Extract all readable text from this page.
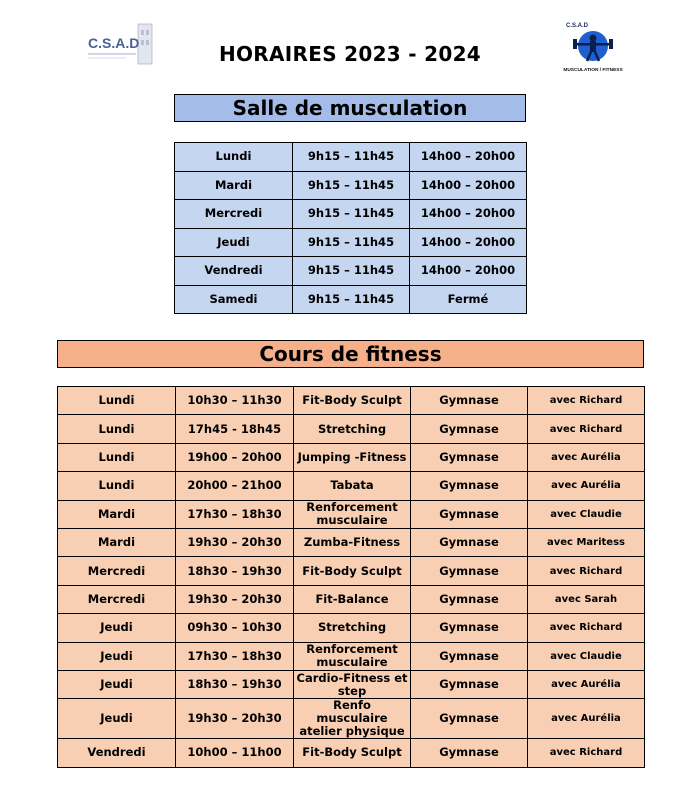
C.S.A.D	HORAIRES 2023 - 2024
C.S.A.D
MUSCULATION / FITNESS
Salle de musculation
Lundi	9h15 – 11h45	14h00 – 20h00
Mardi	9h15 – 11h45	14h00 – 20h00
Mercredi	9h15 – 11h45	14h00 – 20h00
Jeudi	9h15 – 11h45	14h00 – 20h00
Vendredi	9h15 – 11h45	14h00 – 20h00
Samedi	9h15 – 11h45	Fermé
Cours de fitness
Lundi	10h30 – 11h30	Fit-Body Sculpt	Gymnase	avec Richard
Lundi	17h45 - 18h45	Stretching	Gymnase	avec Richard
Lundi	19h00 – 20h00	Jumping -Fitness	Gymnase	avec Aurélia
Lundi	20h00 – 21h00	Tabata	Gymnase	avec Aurélia
Mardi	17h30 – 18h30	Renforcement musculaire	Gymnase	avec Claudie
Mardi	19h30 – 20h30	Zumba-Fitness	Gymnase	avec Maritess
Mercredi	18h30 – 19h30	Fit-Body Sculpt	Gymnase	avec Richard
Mercredi	19h30 – 20h30	Fit-Balance	Gymnase	avec Sarah
Jeudi	09h30 – 10h30	Stretching	Gymnase	avec Richard
Jeudi	17h30 – 18h30	Renforcement musculaire	Gymnase	avec Claudie
Jeudi	18h30 – 19h30	Cardio-Fitness et step	Gymnase	avec Aurélia
Jeudi	19h30 – 20h30	Renfo musculaire atelier physique	Gymnase	avec Aurélia
Vendredi	10h00 – 11h00	Fit-Body Sculpt	Gymnase	avec Richard
